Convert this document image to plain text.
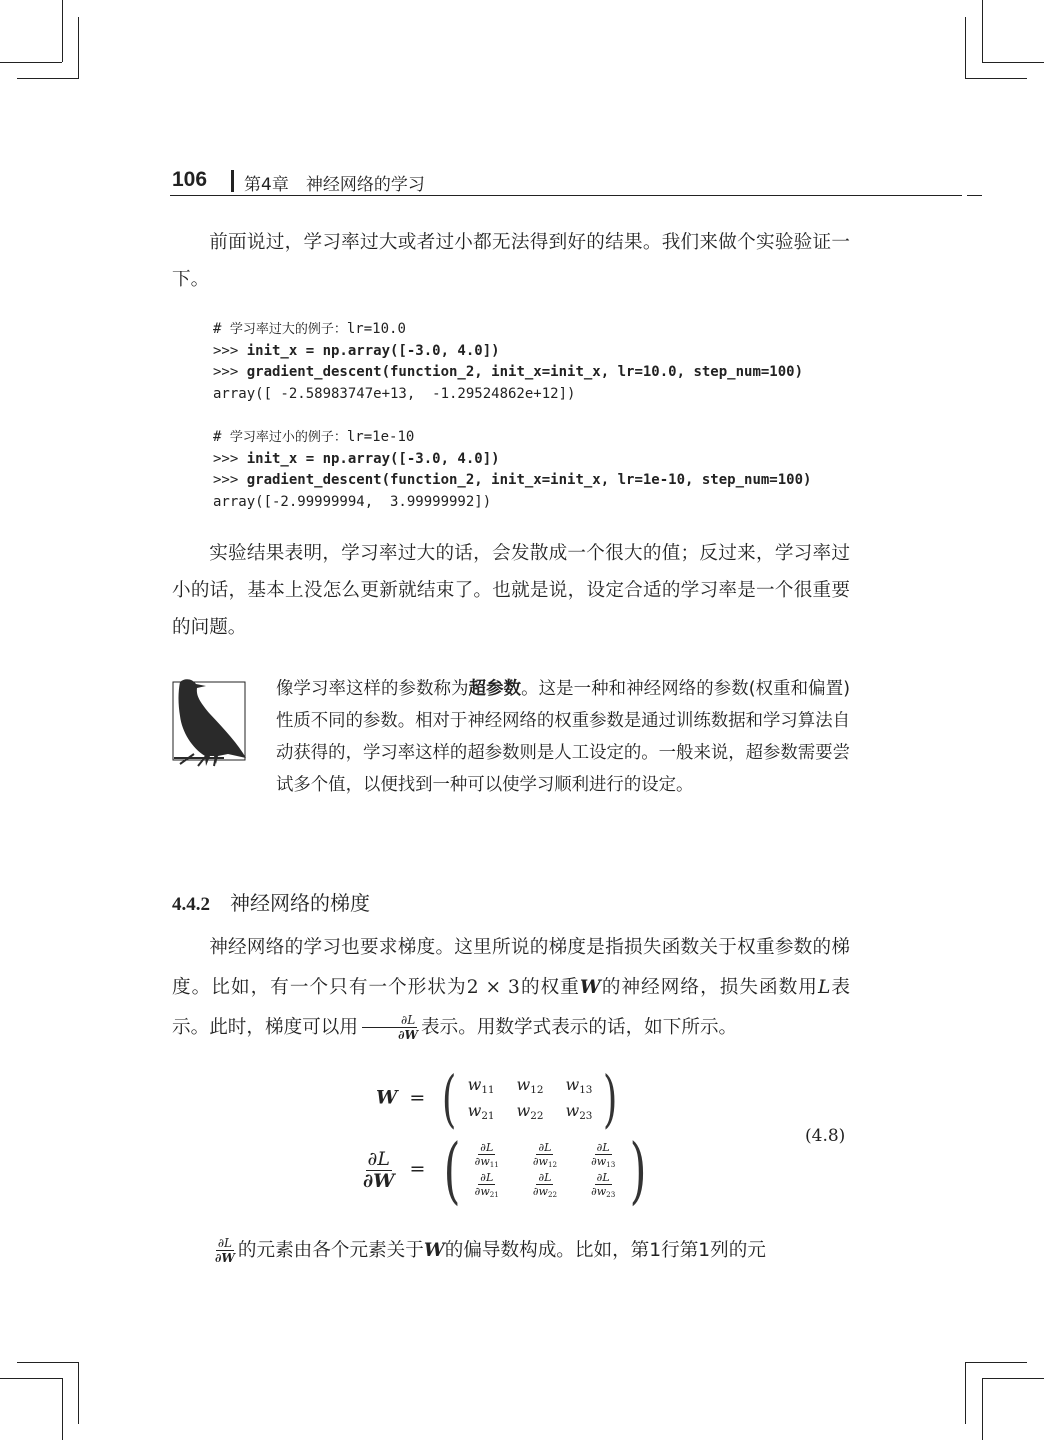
106 第4章　神经网络的学习
前面说过，学习率过大或者过小都无法得到好的结果。我们来做个实验验证一下。
# 学习率过大的例子：lr=10.0
>>> init_x = np.array([-3.0, 4.0])
>>> gradient_descent(function_2, init_x=init_x, lr=10.0, step_num=100)
array([ -2.58983747e+13,  -1.29524862e+12])

# 学习率过小的例子：lr=1e-10
>>> init_x = np.array([-3.0, 4.0])
>>> gradient_descent(function_2, init_x=init_x, lr=1e-10, step_num=100)
array([-2.99999994,  3.99999992])
实验结果表明，学习率过大的话，会发散成一个很大的值；反过来，学习率过小的话，基本上没怎么更新就结束了。也就是说，设定合适的学习率是一个很重要的问题。
像学习率这样的参数称为超参数。这是一种和神经网络的参数(权重和偏置)性质不同的参数。相对于神经网络的权重参数是通过训练数据和学习算法自动获得的，学习率这样的超参数则是人工设定的。一般来说，超参数需要尝试多个值，以便找到一种可以使学习顺利进行的设定。
4.4.2 神经网络的梯度
神经网络的学习也要求梯度。这里所说的梯度是指损失函数关于权重参数的梯度。比如，有一个只有一个形状为2 × 3的权重W的神经网络，损失函数用L表示。此时，梯度可以用 $\frac{\partial L}{\partial W}$ 表示。用数学式表示的话，如下所示。
W = ( $w_{11}$ $w_{12}$ $w_{13}$
$w_{21}$ $w_{22}$ $w_{23}$ )
$\frac{\partial L}{\partial W}$ = ( $\frac{\partial L}{\partial w_{11}}$	$\frac{\partial L}{\partial w_{12}}$	$\frac{\partial L}{\partial w_{13}}$
$\frac{\partial L}{\partial w_{21}}$	$\frac{\partial L}{\partial w_{22}}$	$\frac{\partial L}{\partial w_{23}}$ )	(4.8)
$\frac{\partial L}{\partial W}$ 的元素由各个元素关于W的偏导数构成。比如，第1行第1列的元
